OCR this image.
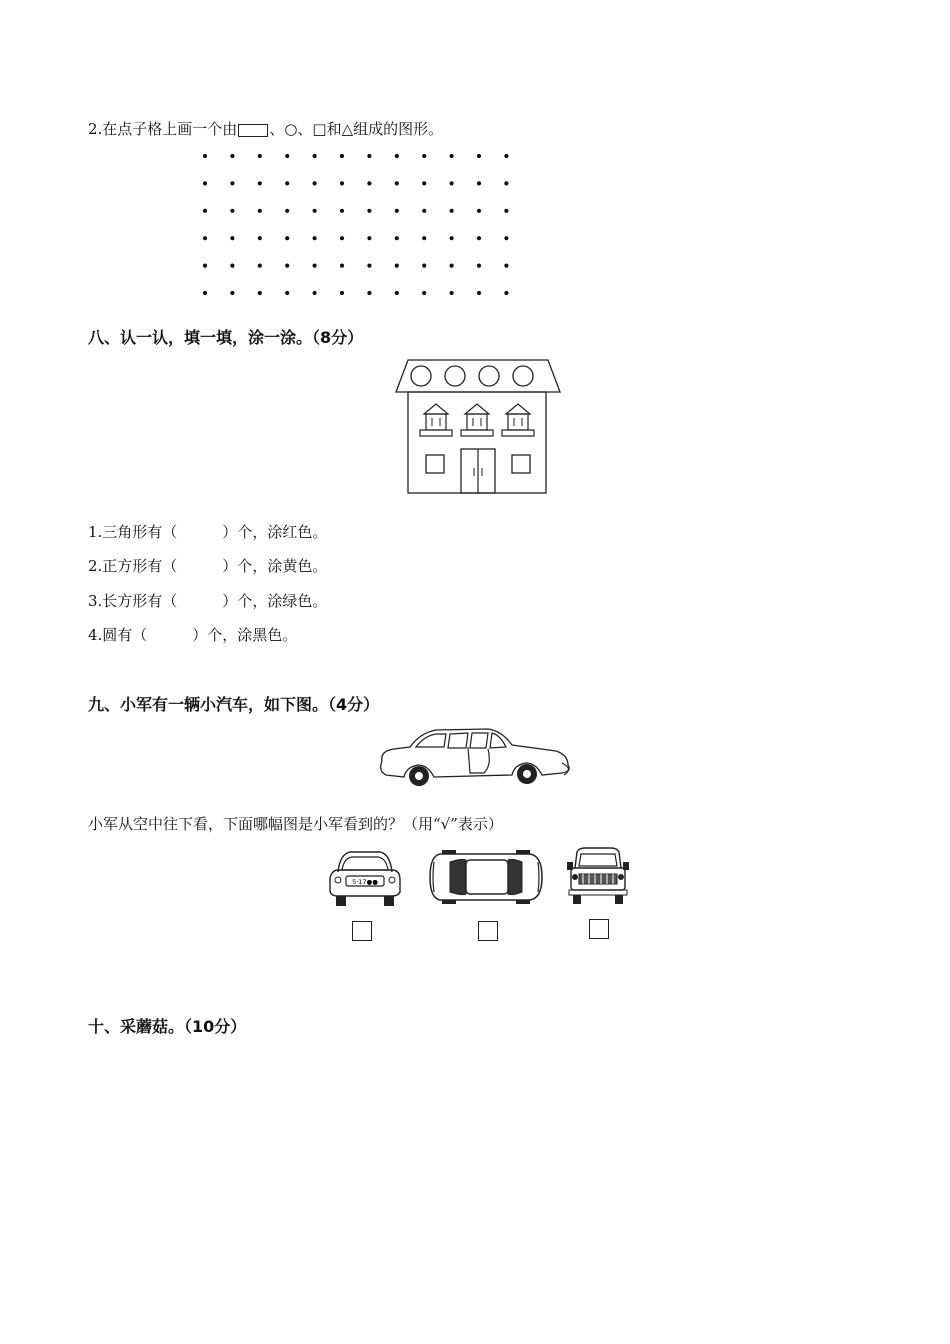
2.在点子格上画一个由 、○、□和△组成的图形。
八、认一认，填一填，涂一涂。（8分）
1.三角形有（　　　）个，涂红色。
2.正方形有（　　　）个，涂黄色。
3.长方形有（　　　）个，涂绿色。
4.圆有（　　　）个，涂黑色。
九、小军有一辆小汽车，如下图。（4分）
小军从空中往下看，下面哪幅图是小军看到的？（用“√”表示）
5·17●●
十、采蘑菇。（10分）
